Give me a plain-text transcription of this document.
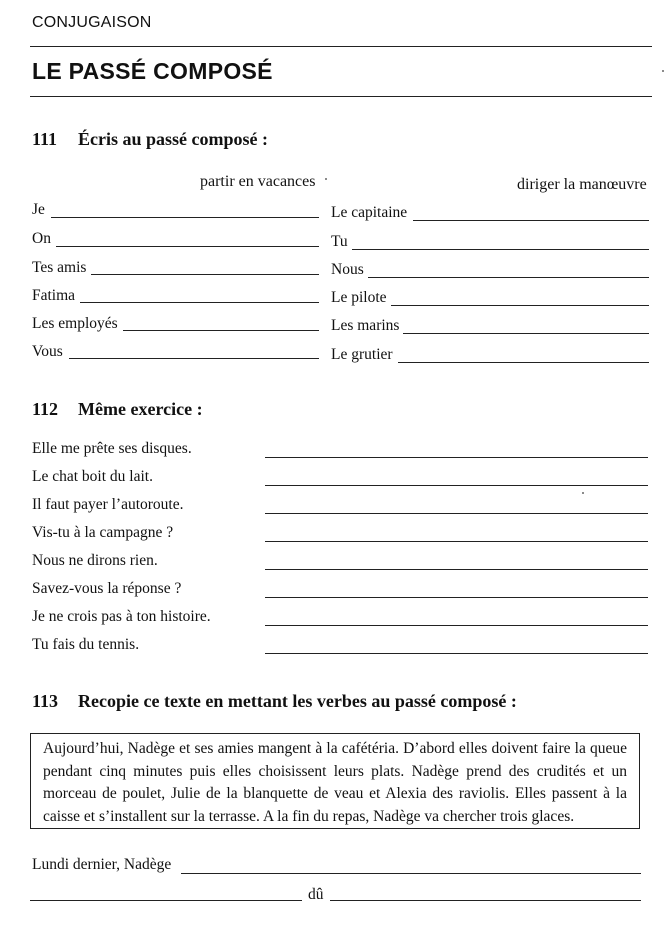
CONJUGAISON
LE PASSÉ COMPOSÉ
111 Écris au passé composé :
partir en vacances	diriger la manœuvre
Je
On
Tes amis
Fatima
Les employés
Vous
Le capitaine
Tu
Nous
Le pilote
Les marins
Le grutier
112 Même exercice :
Elle me prête ses disques.
Le chat boit du lait.
Il faut payer l’autoroute.
Vis-tu à la campagne ?
Nous ne dirons rien.
Savez-vous la réponse ?
Je ne crois pas à ton histoire.
Tu fais du tennis.
113 Recopie ce texte en mettant les verbes au passé composé :
Aujourd’hui, Nadège et ses amies mangent à la cafétéria. D’abord elles doivent faire la queue pendant cinq minutes puis elles choisissent leurs plats. Nadège prend des crudités et un morceau de poulet, Julie de la blanquette de veau et Alexia des raviolis. Elles passent à la caisse et s’installent sur la terrasse. A la fin du repas, Nadège va chercher trois glaces.
Lundi dernier, Nadège
dû
